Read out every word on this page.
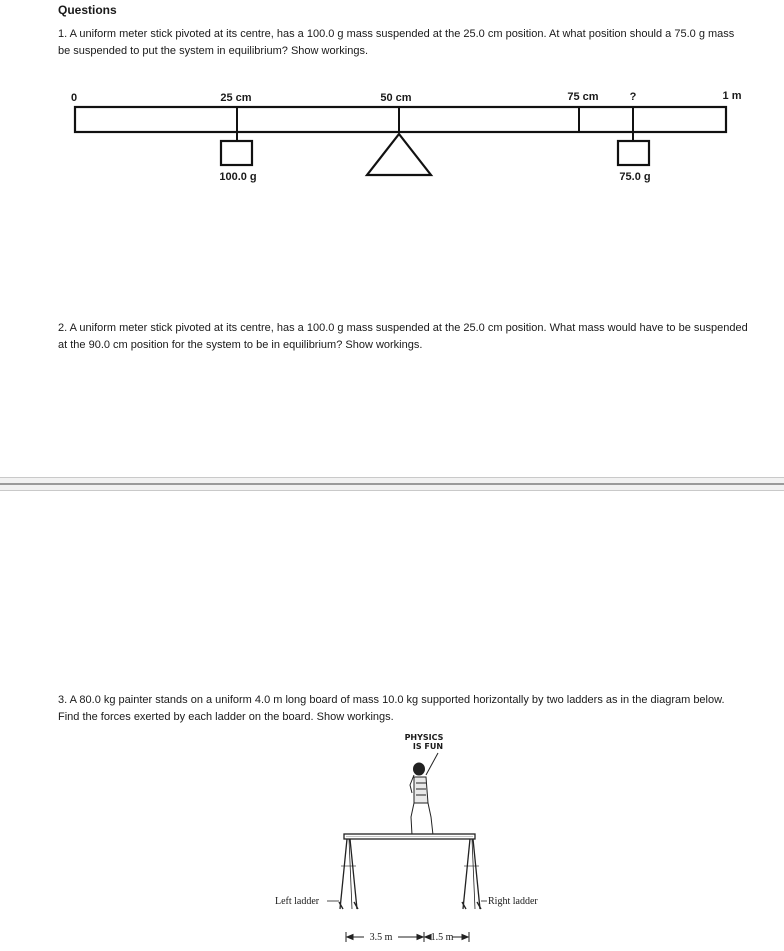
Questions
1. A uniform meter stick pivoted at its centre, has a 100.0 g mass suspended at the 25.0 cm position. At what position should a 75.0 g mass be suspended to put the system in equilibrium? Show workings.
0	25 cm	50 cm	75 cm	?	1 m
100.0 g	75.0 g
2. A uniform meter stick pivoted at its centre, has a 100.0 g mass suspended at the 25.0 cm position. What mass would have to be suspended at the 90.0 cm position for the system to be in equilibrium? Show workings.
3. A 80.0 kg painter stands on a uniform 4.0 m long board of mass 10.0 kg supported horizontally by two ladders as in the diagram below. Find the forces exerted by each ladder on the board. Show workings.
PHYSICS
IS FUN
Left ladder	Right ladder
3.5 m	1.5 m
